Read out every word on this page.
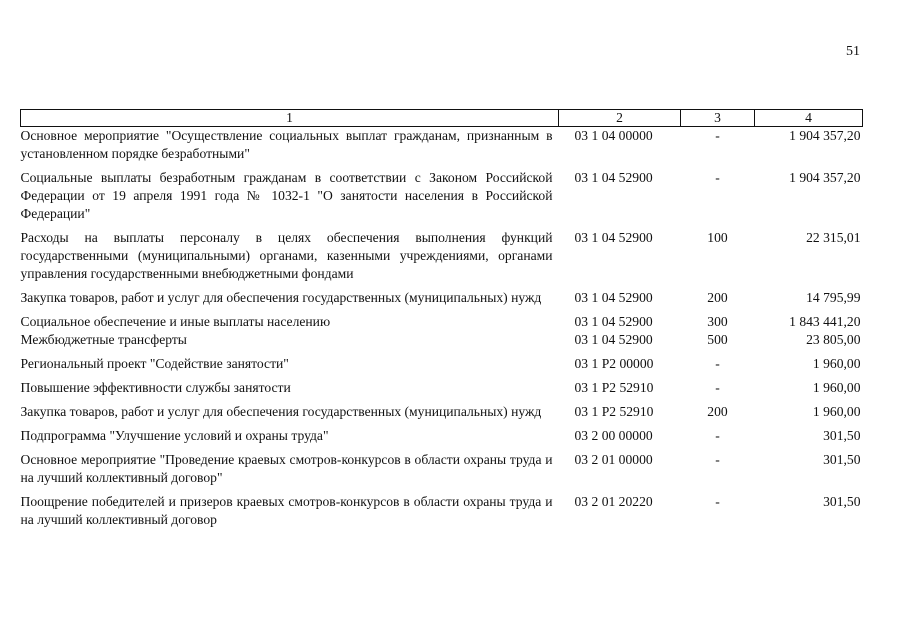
51
1	2	3	4
Основное мероприятие "Осуществление социальных выплат гражданам, признанным в установленном порядке безработными"	03 1 04 00000	-	1 904 357,20
Социальные выплаты безработным гражданам в соответствии с Законом Российской Федерации от 19 апреля 1991 года № 1032-1 "О занятости населения в Российской Федерации"	03 1 04 52900	-	1 904 357,20
Расходы на выплаты персоналу в целях обеспечения выполнения функций государственными (муниципальными) органами, казенными учреждениями, органами управления государственными внебюджетными фондами	03 1 04 52900	100	22 315,01
Закупка товаров, работ и услуг для обеспечения государственных (муниципальных) нужд	03 1 04 52900	200	14 795,99
Социальное обеспечение и иные выплаты населению	03 1 04 52900	300	1 843 441,20
Межбюджетные трансферты	03 1 04 52900	500	23 805,00
Региональный проект "Содействие занятости"	03 1 P2 00000	-	1 960,00
Повышение эффективности службы занятости	03 1 P2 52910	-	1 960,00
Закупка товаров, работ и услуг для обеспечения государственных (муниципальных) нужд	03 1 P2 52910	200	1 960,00
Подпрограмма "Улучшение условий и охраны труда"	03 2 00 00000	-	301,50
Основное мероприятие "Проведение краевых смотров-конкурсов в области охраны труда и на лучший коллективный договор"	03 2 01 00000	-	301,50
Поощрение победителей и призеров краевых смотров-конкурсов в области охраны труда и на лучший коллективный договор	03 2 01 20220	-	301,50
